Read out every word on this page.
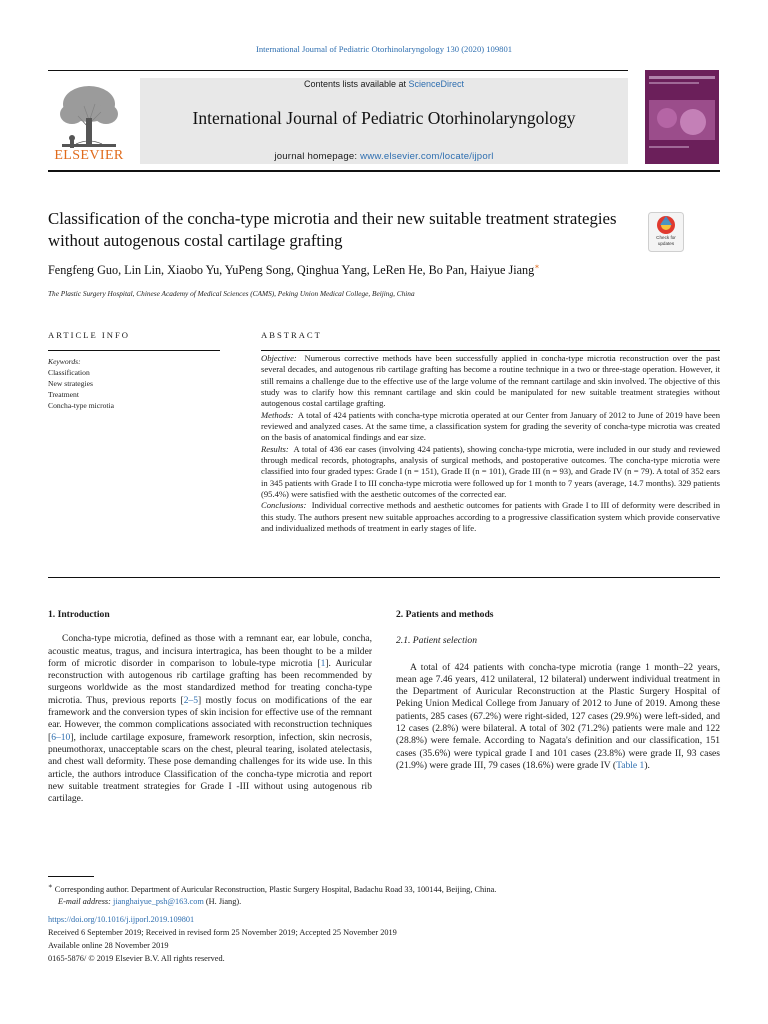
International Journal of Pediatric Otorhinolaryngology 130 (2020) 109801
ELSEVIER
Contents lists available at ScienceDirect
International Journal of Pediatric Otorhinolaryngology
journal homepage: www.elsevier.com/locate/ijporl
Classification of the concha-type microtia and their new suitable treatment strategies without autogenous costal cartilage grafting	Check for
updates
Fengfeng Guo, Lin Lin, Xiaobo Yu, YuPeng Song, Qinghua Yang, LeRen He, Bo Pan, Haiyue Jiang∗
The Plastic Surgery Hospital, Chinese Academy of Medical Sciences (CAMS), Peking Union Medical College, Beijing, China
ARTICLE INFO	ABSTRACT
Keywords:
Classification
New strategies
Treatment
Concha-type microtia

Objective: Numerous corrective methods have been successfully applied in concha-type microtia reconstruction over the past several decades, and autogenous rib cartilage grafting has become a routine technique in a two or three-stage operation. However, it still remains a challenge due to the effective use of the large volume of the remnant cartilage and skin involved. The objective of this study was to clarify how this remnant cartilage and skin could be manipulated for new suitable treatment strategies without autogenous costal cartilage grafting.

Methods: A total of 424 patients with concha-type microtia operated at our Center from January of 2012 to June of 2019 have been reviewed and analyzed cases. At the same time, a classification system for grading the severity of concha-type microtia was created on the basis of anatomical findings and ear size.

Results: A total of 436 ear cases (involving 424 patients), showing concha-type microtia, were included in our study and reviewed through medical records, photographs, analysis of surgical methods, and postoperative outcomes. The concha-type microtia were classified into four graded types: Grade I (n = 151), Grade II (n = 101), Grade III (n = 93), and Grade IV (n = 79). A total of 352 ears in 345 patients with Grade I to III concha-type microtia were followed up for 1 month to 7 years (average, 14.7 months). 329 patients (95.4%) were satisfied with the aesthetic outcomes of the corrected ear.

Conclusions: Individual corrective methods and aesthetic outcomes for patients with Grade I to III of deformity were described in this study. The authors present new suitable approaches according to a progressive classification system which provide conservative and individualized methods of treatment in early stages of life.

1. Introduction

Concha-type microtia, defined as those with a remnant ear, ear lobule, concha, acoustic meatus, tragus, and incisura intertragica, has been thought to be a milder form of microtic disorder in comparison to lobule-type microtia [1]. Auricular reconstruction with autogenous rib cartilage grafting has been recommended by surgeons worldwide as the most standardized method for treating concha-type microtia. Thus, previous reports [2–5] mostly focus on modifications of the ear framework and the conversion types of skin incision for effective use of the remnant ear. However, the common complications associated with reconstruction techniques [6–10], include cartilage exposure, framework resorption, infection, skin necrosis, pneumothorax, unacceptable scars on the chest, pleural tearing, isolated atelectasis, and chest wall deformity. These pose demanding challenges for its wide use. In this article, the authors introduce Classification of the concha-type microtia and report new suitable treatment strategies for Grade I -III without using autogenous rib cartilage.

2. Patients and methods
2.1. Patient selection

A total of 424 patients with concha-type microtia (range 1 month–22 years, mean age 7.46 years, 412 unilateral, 12 bilateral) underwent individual treatment in the Department of Auricular Reconstruction at the Plastic Surgery Hospital of Peking Union Medical College from January of 2012 to June of 2019. Among these patients, 285 cases (67.2%) were right-sided, 127 cases (29.9%) were left-sided, and 12 cases (2.8%) were bilateral. A total of 302 (71.2%) patients were male and 122 (28.8%) were female. According to Nagata's definition and our classification, 151 cases (35.6%) were typical grade I and 101 cases (23.8%) were grade II, 93 cases (21.9%) were grade III, 79 cases (18.6%) were grade IV (Table 1).

∗ Corresponding author. Department of Auricular Reconstruction, Plastic Surgery Hospital, Badachu Road 33, 100144, Beijing, China.
E-mail address: jianghaiyue_psh@163.com (H. Jiang).
https://doi.org/10.1016/j.ijporl.2019.109801
Received 6 September 2019; Received in revised form 25 November 2019; Accepted 25 November 2019
Available online 28 November 2019
0165-5876/ © 2019 Elsevier B.V. All rights reserved.
